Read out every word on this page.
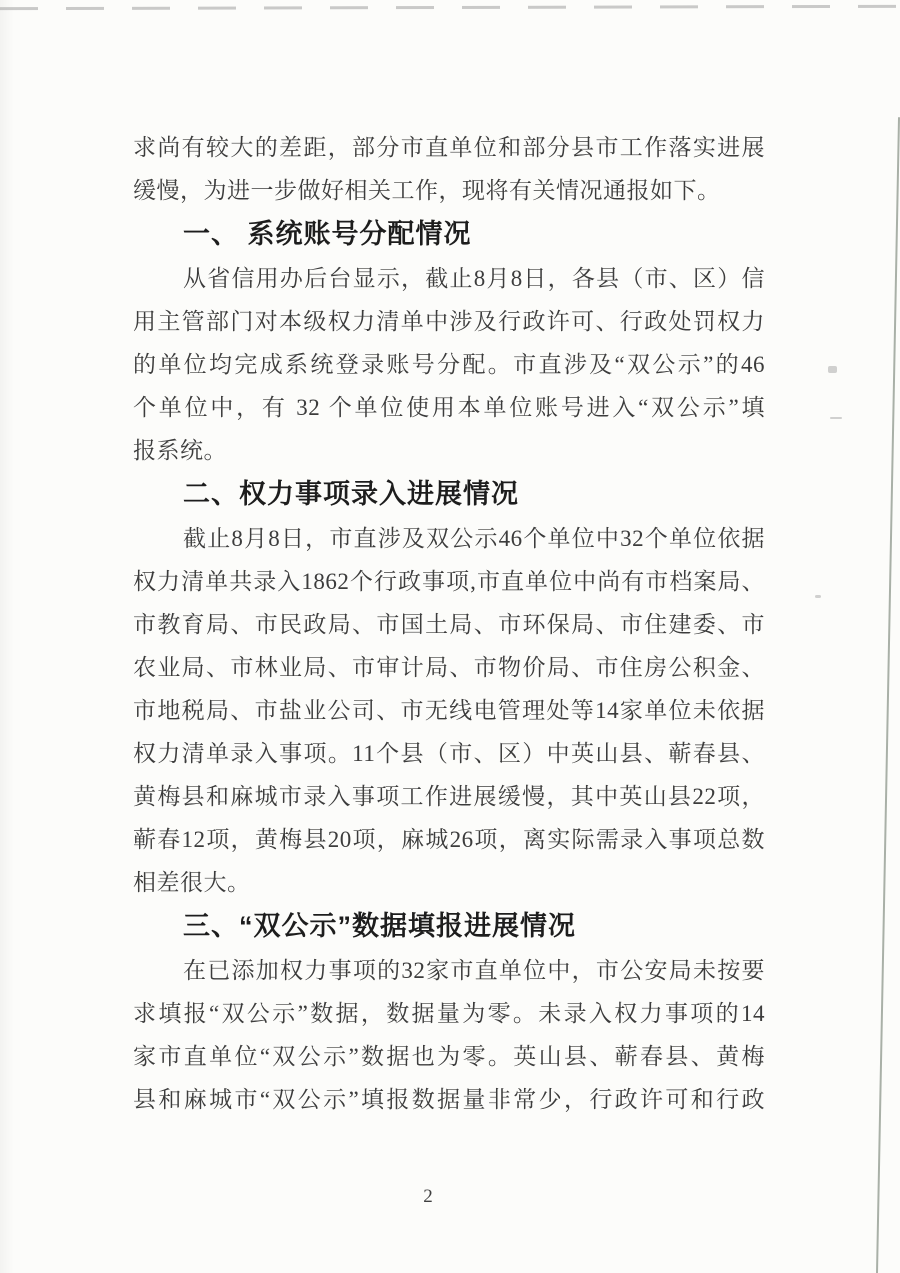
求尚有较大的差距，部分市直单位和部分县市工作落实进展
缓慢，为进一步做好相关工作，现将有关情况通报如下。
一、 系统账号分配情况
从省信用办后台显示，截止8月8日，各县（市、区）信
用主管部门对本级权力清单中涉及行政许可、行政处罚权力
的单位均完成系统登录账号分配。市直涉及“双公示”的46
个单位中，有 32 个单位使用本单位账号进入“双公示”填
报系统。
二、权力事项录入进展情况
截止8月8日，市直涉及双公示46个单位中32个单位依据
权力清单共录入1862个行政事项,市直单位中尚有市档案局、
市教育局、市民政局、市国土局、市环保局、市住建委、市
农业局、市林业局、市审计局、市物价局、市住房公积金、
市地税局、市盐业公司、市无线电管理处等14家单位未依据
权力清单录入事项。11个县（市、区）中英山县、蕲春县、
黄梅县和麻城市录入事项工作进展缓慢，其中英山县22项，
蕲春12项，黄梅县20项，麻城26项，离实际需录入事项总数
相差很大。
三、“双公示”数据填报进展情况
在已添加权力事项的32家市直单位中，市公安局未按要
求填报“双公示”数据，数据量为零。未录入权力事项的14
家市直单位“双公示”数据也为零。英山县、蕲春县、黄梅
县和麻城市“双公示”填报数据量非常少，行政许可和行政
2
